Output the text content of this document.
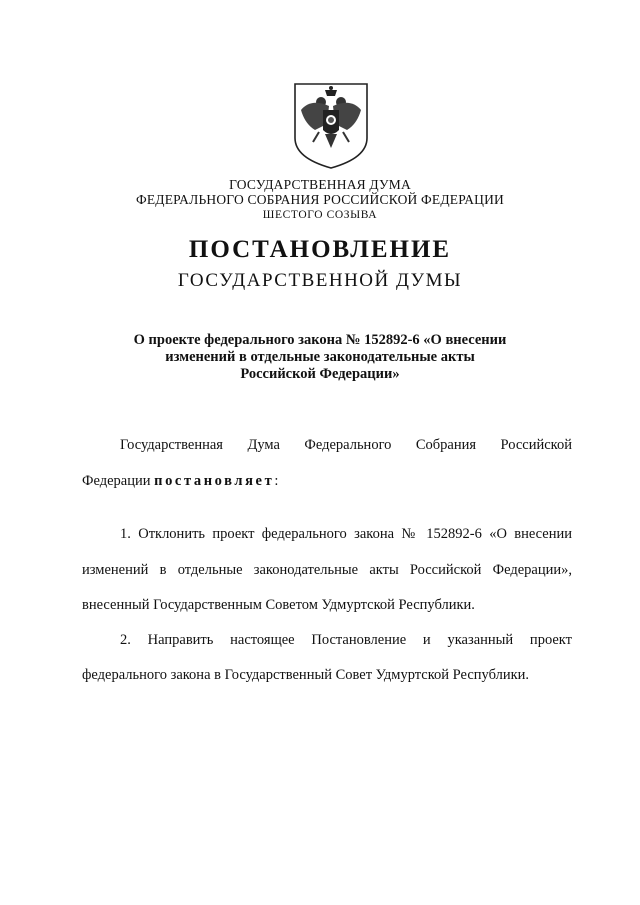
ГОСУДАРСТВЕННАЯ ДУМА
ФЕДЕРАЛЬНОГО СОБРАНИЯ РОССИЙСКОЙ ФЕДЕРАЦИИ
ШЕСТОГО СОЗЫВА
ПОСТАНОВЛЕНИЕ
ГОСУДАРСТВЕННОЙ ДУМЫ
О проекте федерального закона № 152892-6 «О внесении
изменений в отдельные законодательные акты
Российской Федерации»
Государственная Дума Федерального Собрания Российской
Федерации постановляет:
1. Отклонить проект федерального закона № 152892-6 «О внесении
изменений в отдельные законодательные акты Российской Федерации»,
внесенный Государственным Советом Удмуртской Республики.
2. Направить настоящее Постановление и указанный проект
федерального закона в Государственный Совет Удмуртской Республики.
